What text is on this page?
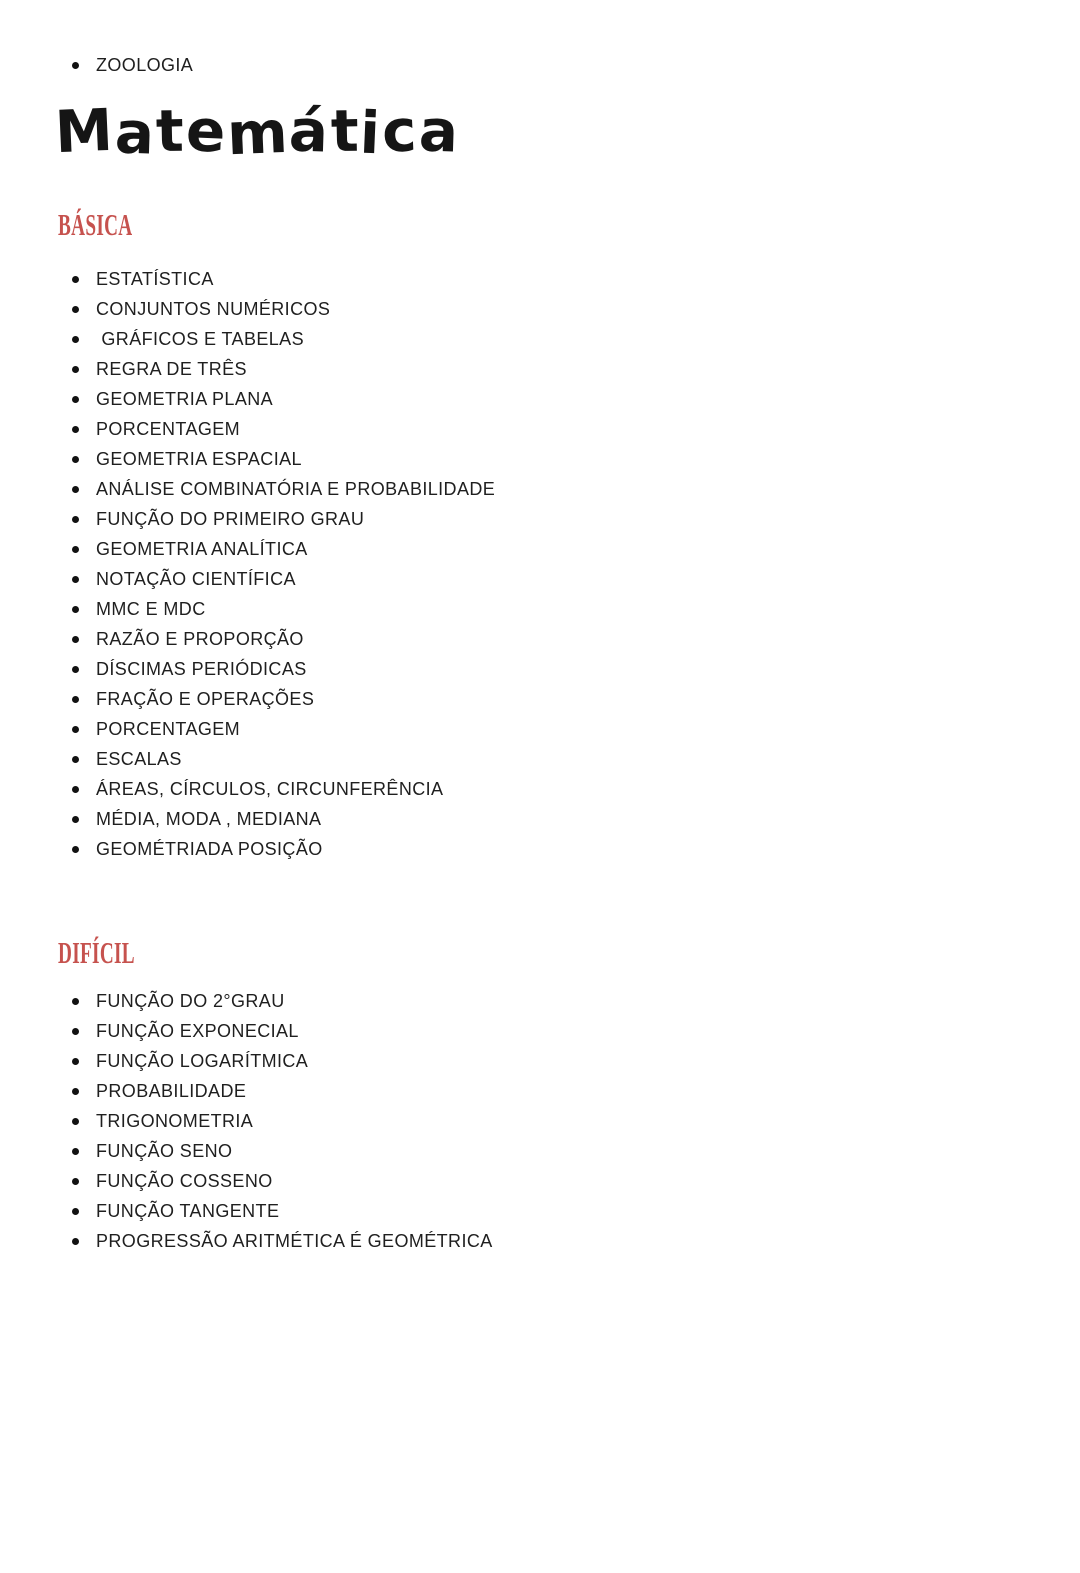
ZOOLOGIA
Matemática
BÁSICA
ESTATÍSTICA
CONJUNTOS NUMÉRICOS
GRÁFICOS E TABELAS
REGRA DE TRÊS
GEOMETRIA PLANA
PORCENTAGEM
GEOMETRIA ESPACIAL
ANÁLISE COMBINATÓRIA E PROBABILIDADE
FUNÇÃO DO PRIMEIRO GRAU
GEOMETRIA ANALÍTICA
NOTAÇÃO CIENTÍFICA
MMC E MDC
RAZÃO E PROPORÇÃO
DÍSCIMAS PERIÓDICAS
FRAÇÃO E OPERAÇÕES
PORCENTAGEM
ESCALAS
ÁREAS, CÍRCULOS, CIRCUNFERÊNCIA
MÉDIA, MODA , MEDIANA
GEOMÉTRIADA POSIÇÃO
DIFÍCIL
FUNÇÃO DO 2°GRAU
FUNÇÃO EXPONECIAL
FUNÇÃO LOGARÍTMICA
PROBABILIDADE
TRIGONOMETRIA
FUNÇÃO SENO
FUNÇÃO COSSENO
FUNÇÃO TANGENTE
PROGRESSÃO ARITMÉTICA É GEOMÉTRICA
